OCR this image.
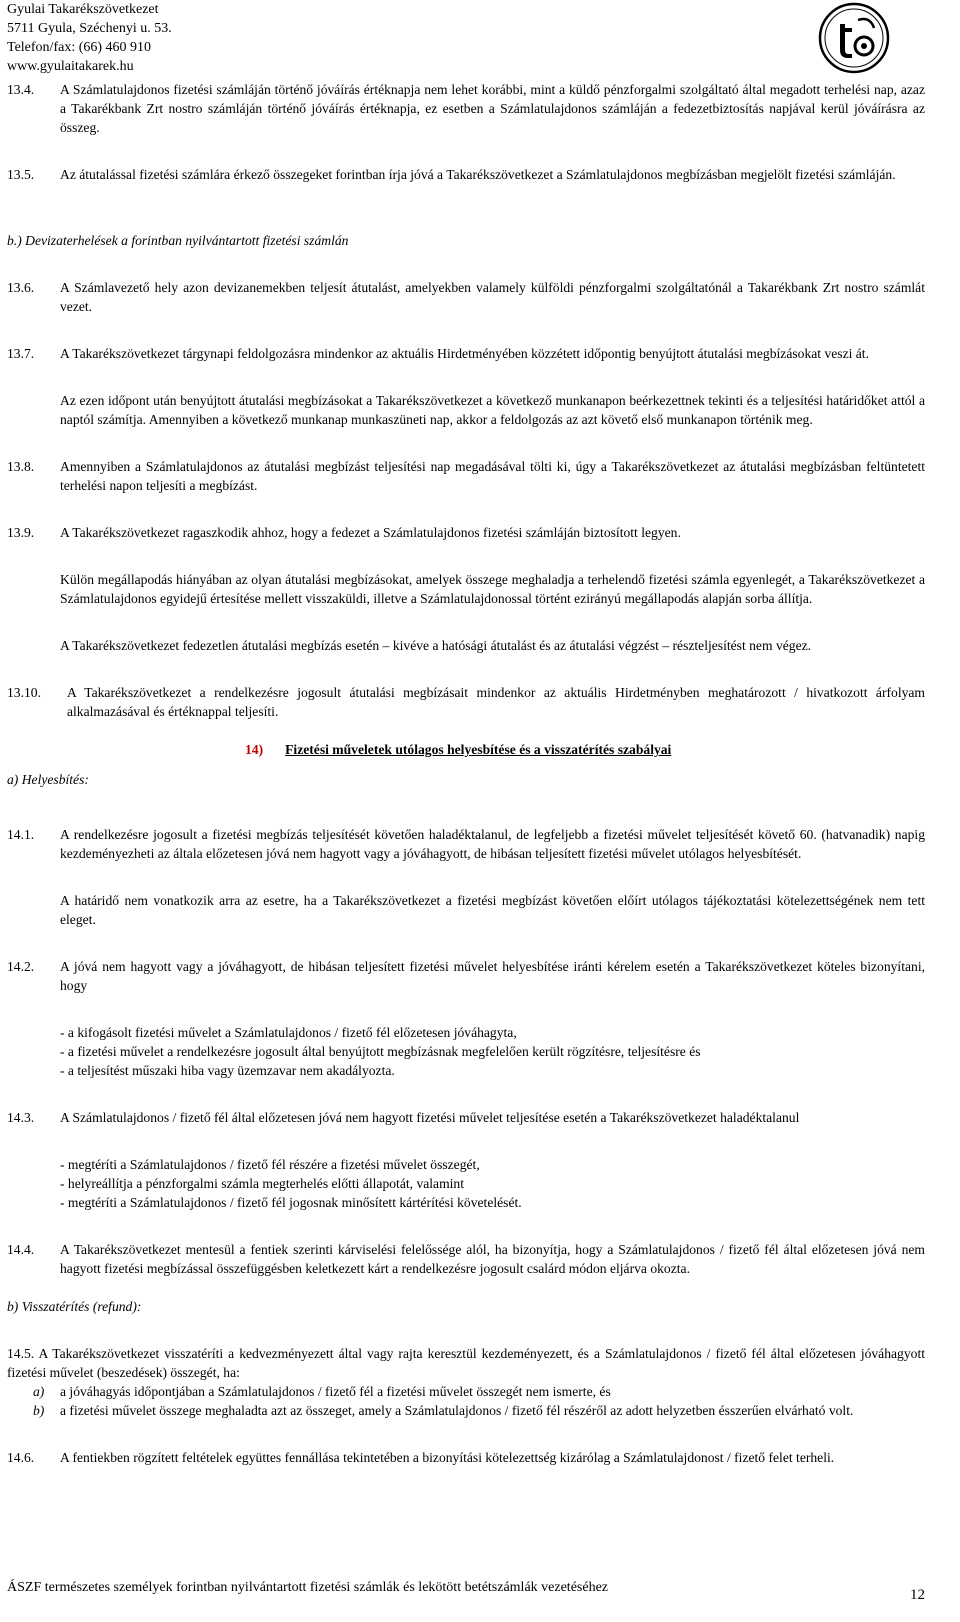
Gyulai Takarékszövetkezet
5711 Gyula, Széchenyi u. 53.
Telefon/fax: (66) 460 910
www.gyulaitakarek.hu
13.4. A Számlatulajdonos fizetési számláján történő jóváírás értéknapja nem lehet korábbi, mint a küldő pénzforgalmi szolgáltató által megadott terhelési nap, azaz a Takarékbank Zrt nostro számláján történő jóváírás értéknapja, ez esetben a Számlatulajdonos számláján a fedezetbiztosítás napjával kerül jóváírásra az összeg.

13.5. Az átutalással fizetési számlára érkező összegeket forintban írja jóvá a Takarékszövetkezet a Számlatulajdonos megbízásban megjelölt fizetési számláján.

b.) Devizaterhelések a forintban nyilvántartott fizetési számlán

13.6. A Számlavezető hely azon devizanemekben teljesít átutalást, amelyekben valamely külföldi pénzforgalmi szolgáltatónál a Takarékbank Zrt nostro számlát vezet.

13.7. A Takarékszövetkezet tárgynapi feldolgozásra mindenkor az aktuális Hirdetményében közzétett időpontig benyújtott átutalási megbízásokat veszi át.

Az ezen időpont után benyújtott átutalási megbízásokat a Takarékszövetkezet a következő munkanapon beérkezettnek tekinti és a teljesítési határidőket attól a naptól számítja. Amennyiben a következő munkanap munkaszüneti nap, akkor a feldolgozás az azt követő első munkanapon történik meg.

13.8. Amennyiben a Számlatulajdonos az átutalási megbízást teljesítési nap megadásával tölti ki, úgy a Takarékszövetkezet az átutalási megbízásban feltüntetett terhelési napon teljesíti a megbízást.

13.9. A Takarékszövetkezet ragaszkodik ahhoz, hogy a fedezet a Számlatulajdonos fizetési számláján biztosított legyen.

Külön megállapodás hiányában az olyan átutalási megbízásokat, amelyek összege meghaladja a terhelendő fizetési számla egyenlegét, a Takarékszövetkezet a Számlatulajdonos egyidejű értesítése mellett visszaküldi, illetve a Számlatulajdonossal történt ezirányú megállapodás alapján sorba állítja.

A Takarékszövetkezet fedezetlen átutalási megbízás esetén – kivéve a hatósági átutalást és az átutalási végzést – részteljesítést nem végez.

13.10. A Takarékszövetkezet a rendelkezésre jogosult átutalási megbízásait mindenkor az aktuális Hirdetményben meghatározott / hivatkozott árfolyam alkalmazásával és értéknappal teljesíti.

14) Fizetési műveletek utólagos helyesbítése és a visszatérítés szabályai
a) Helyesbítés:
14.1. A rendelkezésre jogosult a fizetési megbízás teljesítését követően haladéktalanul, de legfeljebb a fizetési művelet teljesítését követő 60. (hatvanadik) napig kezdeményezheti az általa előzetesen jóvá nem hagyott vagy a jóváhagyott, de hibásan teljesített fizetési művelet utólagos helyesbítését.

A határidő nem vonatkozik arra az esetre, ha a Takarékszövetkezet a fizetési megbízást követően előírt utólagos tájékoztatási kötelezettségének nem tett eleget.

14.2. A jóvá nem hagyott vagy a jóváhagyott, de hibásan teljesített fizetési művelet helyesbítése iránti kérelem esetén a Takarékszövetkezet köteles bizonyítani, hogy

- a kifogásolt fizetési művelet a Számlatulajdonos / fizető fél előzetesen jóváhagyta,
- a fizetési művelet a rendelkezésre jogosult által benyújtott megbízásnak megfelelően került rögzítésre, teljesítésre és
- a teljesítést műszaki hiba vagy üzemzavar nem akadályozta.
14.3. A Számlatulajdonos / fizető fél által előzetesen jóvá nem hagyott fizetési művelet teljesítése esetén a Takarékszövetkezet haladéktalanul

- megtéríti a Számlatulajdonos / fizető fél részére a fizetési művelet összegét,
- helyreállítja a pénzforgalmi számla megterhelés előtti állapotát, valamint
- megtéríti a Számlatulajdonos / fizető fél jogosnak minősített kártérítési követelését.
14.4. A Takarékszövetkezet mentesül a fentiek szerinti kárviselési felelőssége alól, ha bizonyítja, hogy a Számlatulajdonos / fizető fél által előzetesen jóvá nem hagyott fizetési megbízással összefüggésben keletkezett kárt a rendelkezésre jogosult csalárd módon eljárva okozta.

b) Visszatérítés (refund):

14.5. A Takarékszövetkezet visszatéríti a kedvezményezett által vagy rajta keresztül kezdeményezett, és a Számlatulajdonos / fizető fél által előzetesen jóváhagyott fizetési művelet (beszedések) összegét, ha:

a) a jóváhagyás időpontjában a Számlatulajdonos / fizető fél a fizetési művelet összegét nem ismerte, és

b) a fizetési művelet összege meghaladta azt az összeget, amely a Számlatulajdonos / fizető fél részéről az adott helyzetben ésszerűen elvárható volt.

14.6. A fentiekben rögzített feltételek együttes fennállása tekintetében a bizonyítási kötelezettség kizárólag a Számlatulajdonost / fizető felet terheli.

ÁSZF természetes személyek forintban nyilvántartott fizetési számlák és lekötött betétszámlák vezetéséhez	12
